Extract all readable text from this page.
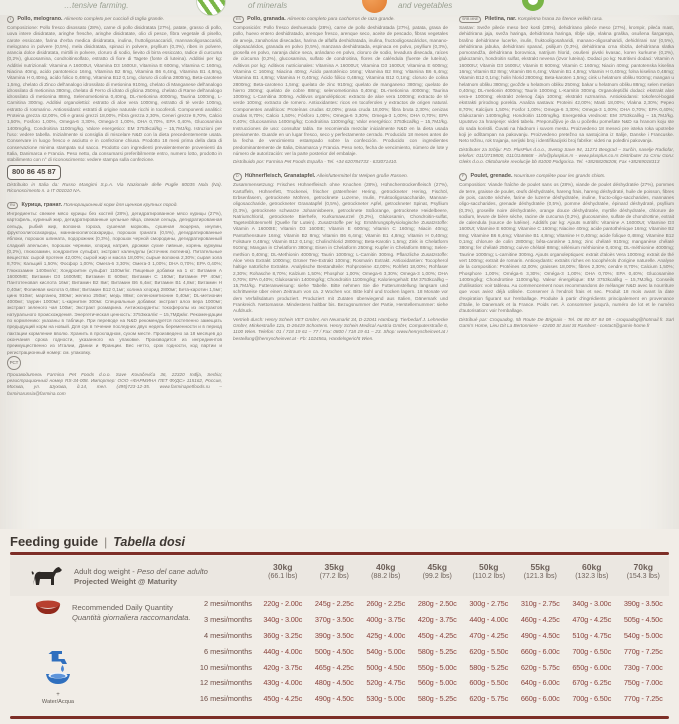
…tensive farming.	of minerals	and vegetables
I Pollo, melograno. Alimento completo per cuccioli di taglia grande.

Composizione: Pollo fresco disossato (28%), carne di pollo disidratata (27%), patate, grasso di pollo, uova intere disidratate, aringhe fresche, aringhe disidratate, olio di pesce, fibra vegetale di pisello, carote essiccate, farina d'erba medica disidratata, inulina, fruttoligosaccaridi, mannanoligosaccaridi, melograno in polvere (0,5%), mela disidratata, spinaci in polvere, psyllium (0,3%), ribes in polvere, arancia dolce disidratata, mirtilli in polvere, cloruro di sodio, lievito di birra essiccato, radice di curcuma (0,2%), glucosamina, condroitinsolfato, estratto di fiore di Tagete (fonte di luteina). Additivi per kg: Additivi nutrizionali: Vitamina A 16000UI, Vitamina D3 1600UI, Vitamina E 600mg, Vitamina C 160mg, Niacina 40mg, acido pantotenico 16mg, Vitamina B2 8mg, Vitamina B6 6,4mg, Vitamina B1 4,8mg, Vitamina H 0,40mg, acido folico 0,48mg, Vitamina B12 0,1mg, cloruro di colina 2800mg, Beta-carotene 1,5mg, chelato di Zinco dell'analogo idrossilato di metionina 910mg, chelato di Manganese dell'analogo idrossilato di metionina 380mg, chelato di Ferro di idrato di glicina 250mg, chelato di Rame dell'analogo idrossilato di metionina 88mg, Selenometionina 0,40mg, DL-metionina 4000mg, Taurina 1000mg, L-Carnitina 300mg. Additivi organolettici: estratto di aloe vera 1000mg, estratto di tè verde 100mg, estratto di rosmarino. Antiossidanti: estratti di origine naturale ricchi in tocoferoli. Componenti analitici: Proteina grezza 42,00%, Oli e grassi grezzi 18,00%, Fibra grezza 2,30%, Ceneri grezze 8,70%, Calcio 1,50%, Fosforo 1,00%, Omega-6 3,30%, Omega-3 1,00%, DHA 0,70%, EPA 0,40%, Glucosamina 1400mg/kg, Condroitina 1100mg/kg. Valore energetico: EM 3753kcal/kg – 15,7MJ/kg. Istruzioni per l'uso: vedere tabella. Inizialmente si consiglia di miscelare N&D con la dieta precedentemente usata. Conservare in luogo fresco e asciutto e in confezione chiusa. Prodotto 18 mesi prima della data di conservazione minima stampata sul sacco. Prodotto con ingredienti prevalentemente provenienti da Italia, Danimarca e Francia. Peso netto, da consumarsi preferibilmente entro, numero lotto, prodotto in stabilimento con n° di riconoscimento: vedere stampa sulla confezione.

800 86 45 87

Distribuito in Italia da: Russo Mangimi S.p.A. Via Nazionale delle Puglie 80035 Nola (Na). Riconoscimento n. a IT 001010 NA.

RU Курица, гранат. Полнорационный корм для щенков крупных пород.

Ингредиенты: свежее мясо курицы без костей (28%), дегидратированное мясо курицы (27%), картофель, куриный жир, дегидратированные цельные яйца, свежая сельдь, дегидратированная сельдь, рыбий жир, волокна гороха, сушеная морковь, сушеная люцерна, инулин, фруктоолигосахариды, маннаноолигосахариды, порошок граната (0,5%), дегидратированные яблоки, порошок шпината, подорожник (0,3%), порошок черной смородины, дегидратированный сладкий апельсин, порошок черники, хлорид натрия, дрожжи сухие пивные, корень куркумы (0,2%), глюкозамин, хондроитин сульфат, экстракт календулы (источник лютеина). Питательные вещества: сырой протеин 42,00%; сырой жир и масла 18,00%; сырые волокна 2,30%; сырая зола 8,70%; Кальций 1,50%; Фосфор 1,00%; Омега-6 3,30%; Омега-3 1,00%; DHA 0,70%; EPA 0,40%; Глюкозамин 1400мг/кг; Хондроитин сульфат 1100мг/кг. Пищевые добавки на 1 кг: Витамин А 16000МЕ; Витамин D3 1600МЕ; Витамин Е 600мг; Витамин С 160мг; Витамин РР 40мг; Пантотеновая кислота 16мг; Витамин В2 8мг; Витамин В6 6,4мг; Витамин В1 4,8мг; Витамин Н 0,40мг; Фолиевая кислота 0,48мг; Витамин В12 0,1мг; холина хлорид 2800мг; Бета-каротин 1,5мг; цинк 910мг; марганец 380мг; железо 250мг; медь 88мг; селенометионин 0,40мг; DL-метионин 4000мг; таурин 1000мг; L-карнитин 300мг. Специальные добавки: экстракт алоэ вера 1000мг; экстракт зеленого чая 100мг; Экстракт розмарина. Антиоксиданты: токоферолы из экстрактов натурального происхождения. Энергетическая ценность: 3753ккал/кг – 15,7МДж/кг. Рекомендации по кормлению: указаны в таблице. При переводе на N&D рекомендуется постепенно замещать предыдущий корм на новый. Для сук в течение последних двух недель беременности и в период лактации кормление вволю. Хранить в прохладном, сухом месте. Произведено за 18 месяцев до окончания срока годности, указанного на упаковке. Производится из ингредиентов преимущественно из Италии, Дании и Франции. Вес нетто, срок годности, код партии и регистрационный номер: см. упаковку.

РСТ

Производитель Farmina Pet Foods d.o.o. Save Kovačevića 36, 22320 Inđija, Serbia; регистрационный номер RS-34-008. Импортер: ООО «ФАРМИНА ПЕТ ФУДС» 115162, Россия, Москва, ул. Шухова, д.14, тел. (495)723-12-35. www.farminapetfoods.ru – farminarussia@farmina.com

ES Pollo, granada. Alimento completo para cachorros de raza grande.

Composición: Pollo fresco deshuesado (28%), carne de pollo deshidratada (27%), patata, grasa de pollo, huevo entero deshidratado, arenque fresco, arenque seco, aceite de pescado, fibras vegetales de arveja, zanahorias disecadas, harina de alfalfa deshidratada, inulina, fructooligosacáridos, manano-oligosacáridos, granada en polvo (0,5%), manzana deshidratada, espinaca en polvo, psyllium (0,3%), grosella en polvo, naranja dulce seca, arándano en polvo, cloruro de sodio, levadura disecada, raíces de cúrcuma (0,2%), glucosamina, sulfato de condroitina, flores de caléndula (fuente de luteína). Aditivos por kg: Aditivos nutricionales: Vitamina A 16000UI; Vitamina D3 1600UI; Vitamina E 600mg; Vitamina C 160mg; Niacina 40mg; Ácido pantoténico 16mg; Vitamina B2 8mg; Vitamina B6 6,4mg; Vitamina B1 4,8mg; Vitamina H 0,40mg; Ácido fólico 0,48mg; Vitamina B12 0,1mg; cloruro de colina 2800mg; Beta-caroteno 1,5mg; quelato de zinc 910mg; quelato de manganeso 380mg; quelato de hierro 250mg; quelato de cobre 88mg; selenometionina 0,40mg; DL-metionina 4000mg; Taurina 1000mg; L-Carnitina 300mg. Aditivos organolépticos: extracto de aloe vera 1000mg; extracto de té verde 100mg; extracto de romero. Antioxidantes: ricos en tocoferoles y extractos de origen natural. Componentes analíticos: Proteínas crudas 42,00%; grasa cruda 18,00%; fibra bruta 2,30%; cenizas crudas 8,70%; Calcio 1,50%; Fósforo 1,00%; Omega-6 3,30%; Omega-3 1,00%; DHA 0,70%; EPA 0,40%; Glucosamina 1400mg/kg; Condroitina 1100mg/kg; Valor energético: 3753kcal/kg – 15,7MJ/kg. Instrucciones de uso: consultar tabla. Se recomienda mezclar inicialmente N&D en la dieta usada previamente. Guarde en un lugar fresco, seco y perfectamente cerrado. Producido 18 meses antes de la fecha de vencimiento estampado sobre la confección. Producido con ingredientes predominantemente de Italia, Dinamarca y Francia. Peso neto, fecha de vencimiento, número de lote y número de autorización: ver la parte posterior del embalaje.

Distribuido por: Farmina Pet Foods España - Tel. +34 620784733 - 633071410.

D Hühnerfleisch, Granatapfel. Alleinfuttermittel für Welpen große Rassen.

Zusammensetzung: Frisches Hühnerfleisch ohne Knochen (28%), Hühnchentrockenfleisch (27%), Kartoffeln, Hühnerfett, Trockenei, frischer grätenfreier Hering, getrockneter Hering, Fischöl, Erbsenfasern, getrocknete Möhren, getrocknete Luzerne, Inulin, Fruktooligosaccharide, Mannan-oligosaccharide, getrockneter Granatapfel (0,5%), getrockneter Apfel, getrockneter Spinat, Psyllium (0,3%), getrocknete schwarze Johannisbeere, getrocknete Süßorange, getrocknete Heidelbeere, Natriumchlorid, getrocknete Bierhefe, Kurkumawurzel (0,2%), Glukosamin, Chondroitin-sulfat, Tagetesblütenmehl (Quelle für Lutein). Zusatzstoffe per kg: Ernährungsphysiologische Zusatzstoffe: Vitamin A 16000IE; Vitamin D3 1600IE; Vitamin E 600mg; Vitamin C 160mg; Niacin 40mg; Pantothensäure 16mg; Vitamin B2 8mg; Vitamin B6 6,4mg; Vitamin B1 4,8mg; Vitamin H 0,40mg; Folsäure 0,48mg; Vitamin B12 0,1mg; Cholinchlorid 2800mg; Beta-Karotin 1,5mg; Zink in Chelatform 910mg; Mangan in Chelatform 380mg; Eisen in Chelatform 250mg; Kupfer in Chelatform 88mg; Selen-methion 0,40mg; DL-Methionin 4000mg; Taurin 1000mg; L-Carnitin 300mg. Pflanzliche Zusatzstoffe: Aloe Vera Extrakt 1000mg; Grüner Tee-Extrakt 100mg; Rosmarin Extrakt. Antioxidantien: Tocopherol haltige natürliche Extrakte. Analytische Bestandteile: Rohproteine 42,00%; Rohfett 18,00%; Rohfaser 2,30%; Rohasche 8,70%; Kalzium 1,50%; Phosphor 1,00%; Omega-6 3,30%; Omega-3 1,00%; DHA 0,70%; EPA 0,40%; Glukosamin 1400mg/kg; Chondroitin 1100mg/kg; Kaloriengehalt: EM 3753kcal/kg – 15,7MJ/kg. Futteranweisung: siehe Tabelle. Bitte nehmen Sie die Futterumstellung langsam und schrittweise über einen Zeitraum von ca. 2 Wochen vor. Bitte kühl und trocken lagern. 18 Monate vor dem Verfallsdatum produziert. Produziert mit Zutaten überwiegend aus Italien, Dänemark und Frankreich. Nettomasse. Mindestens haltbar bis. Bezugsnummer der Partie, Herstellernummer: siehe Aufdruck.

Vertrieb durch: Henry Schein VET GmbH, Am Neumarkt 34, D-22041 Hamburg. Tierbedarf J. Lehnecke GmbH, Minkestraße 12a, D-26419 Schortens. Henry Schein Medical Austria GmbH, Computerstraße 6, 1100 Wien. Telefon: 01 / 718 19 61 – 77 / Fax: 0800 / 718 19 61 – 23. Shop: www.henryscheinvet.at / bestellung@henryscheinvet.at · Fb: 102456a, Handelsgericht Wien.

SRB MNE Piletina, nar. Kompletna hrana za štence velikih rasa.

Sastav: Sveže pileće meso bez kosti (28%), dehidrirano pileće meso (27%), krompir, pileća mast, dehidrirana jaja, sveža haringa, dehidrirana haringa, riblje ulje, vlakna graška, osušena šargarepa, brašno dehidrirane lucerke, inulin, fruktooligosaharidi, manano-oligosaharidi, dehidrirani nar (0,5%), dehidrirana jabuka, dehidrirani spanać, psilijum (0,3%), dehidrirana crna ribizla, dehidrirana slatka pomorandža, dehidrirana borovnica, natrijum hlorid, osušeni pivski kvasac, koren kurkume (0,2%), glukozamin, hondroitin sulfat, ekstrakt nevena (izvor luteina). Dodaci po kg: Nutritivni dodaci: Vitamin A 16000IU; Vitamin D3 1600IU; Vitamin E 600mg; Vitamin C 160mg; Niacin 40mg; pantotenska kiselina 16mg; Vitamin B2 8mg; Vitamin B6 6,4mg; Vitamin B1 4,8mg; Vitamin H 0,40mg; folna kiselina 0,48mg; Vitamin B12 0,1mg; holin hlorid 2800mg; Beta-karoten 1,5mg; cink u helatnom obliku 910mg; mangan u helatnom obliku 380mg; gvožđe u helatnom obliku 250mg; bakar u helatnom obliku 88mg; selen metion 0,40mg; DL-metionin 4000mg; Taurin 1000mg; L-Karnitin 300mg. Organoleptički dodaci: ekstrakt aloe vera-e 1000mg; ekstrakt zelenog čaja 100mg; ekstrakt ruzmarina. Antioksidansi: tokoferol-bogati ekstrakti prirodnog porekla. Analiza sastava: Proteini 42,00%; Masti 18,00%; Vlakna 2,30%; Pepeo 8,70%; Kalcijum 1,50%; Fosfor 1,00%; Omega-6 3,30%; Omega-3 1,00%; DHA 0,70%; EPA 0,40%; Glukozamin 1400mg/kg; Hondroitin 1100mg/kg. Energetska vrednost: EM 3753kcal/kg – 15,7MJ/kg. Uputstvo za hranjenje: videti tabelu. Preporučljivo je da u početku pomešate N&D sa hranom koju ste do sada koristili. Čuvati na hladnom i suvom mestu. Proizvedeno 18 meseci pre isteka roka upotrebe koji je odštampan na pakovanju. Proizvedeno pretežno sa sastojcima iz Italije, Danske i Francuske. Neto težinu, rok trajanja, serijski broj i identifikacijski broj fabrike: videti na poleđini pakovanja.

Distributer za Srbiju: P.D. PlusPlus d.o.o., Svetog Save 94, 11271 Beograd – Surčin, naselje Radiofar, telefon: 011/3719800, 011/3148668 - info@plusplus.rs - www.plusplus.co.rs Distributer za Crnu Goru: Gleks d.o.o. Oktobarske revolucije bb 81000 Podgorica. Tel. +38268208208, Fax +38269018313

F Poulet, grenade. Nourriture complète pour les grands chiots.

Composition: Viande fraîche de poulet sans os (28%), viande de poulet déshydratée (27%), pommes de terre, graisse de poulet, œufs déshydratés, hareng frais, hareng déshydraté, huile de poisson, fibres de pois, carotte séchée, farine de luzerne déshydratée, inuline, fructo-oligo-saccharides, mannanes oligo-saccharides, grenade déshydratée (0,5%), pomme déshydratée, épinard déshydraté, psyllium (0,3%), groseille noire déshydratée, orange douce déshydratée, myrtille déshydratée, chlorure de sodium, levure de bière sèche, racine de curcuma (0,2%), glucosamine, sulfate de chondroïtine, extrait de calendula (source de lutéine). Additifs par kg: Ajouts nutritifs: Vitamine A 16000UI; Vitamine D3 1600UI; Vitamine E 600mg; Vitamine C 160mg; Niacine 40mg; acide pantothénique 16mg; Vitamine B2 8mg; Vitamine B6 6,4mg; Vitamine B1 4,8mg; Vitamine H 0,40mg; acide folique 0,48mg; Vitamine B12 0,1mg; chlorure de colin 2800mg; bêta-carotène 1,5mg; zinc chélaté 910mg; manganèse chélaté 380mg; fer chélaté 250mg; cuivre chélaté 88mg; sélénium méthionine 0,40mg; DL-méthionine 4000mg; Taurine 1000mg; L-carnitine 300mg. Ajouts organoleptiques: extrait d'aloès Vera 1000mg; extrait de thé vert 100mg; extrait de romarin. Antioxydants: extraits riches en tocophérols d'origine naturelle. Analyse de la composition: Protéines 42,00%; graisses 18,00%; fibres 2,30%; cendre 8,70%; Calcium 1,50%; Phosphore 1,00%; Oméga-6 3,30%; Oméga-3 1,00%; DHA 0,70%; EPA 0,40%; Glucosamine 1400mg/kg; Chondroïtine 1100mg/kg. Valeur énergétique: EM 3753kcal/kg – 15,7MJ/kg. Conseils d'utilisation: voir tableau. Au commencement nous recommandons de mélanger N&D avec la nourriture que vous aviez déjà utilisée. Conserver à l'endroit frais et sec. Produit 18 mois avant la date d'expiration figurant sur l'emballage. Produite à partir d'ingrédients principalement en provenance d'Italie, le Danemark et la France. Poids net. À consommer jusqu'à, numéro de lot et le numéro d'autorisation: voir l'emballage.

Distribué par: Croquadog, 5b Route De Brignais - Tel. 06 80 87 84 08 - croquadog@hotmail.fr. Sarl Gami's Home, Lieu Dit La Bertonniere - 42400 St Just St Rambert - contact@gamis-home.fr

Feeding guide | Tabella dosi
Adult dog weight - Peso del cane adulto
Projected Weight @ Maturity
30kg
(66.1 lbs)
35kg
(77.2 lbs)
40kg
(88.2 lbs)
45kg
(99.2 lbs)
50kg
(110.2 lbs)
55kg
(121.3 lbs)
60kg
(132.3 lbs)
70kg
(154.3 lbs)
Recommended Daily Quantity
Quantità giornaliera raccomandata.
+
Water/Acqua
2 mesi/months	220g - 2.00c	245g - 2.25c	260g - 2.25c	280g - 2.50c	300g - 2.75c	310g - 2.75c	340g - 3.00c	390g - 3.50c
3 mesi/months	340g - 3.00c	370g - 3.50c	400g - 3.75c	420g - 3.75c	440g - 4.00c	460g - 4.25c	470g - 4.25c	505g - 4.50c
4 mesi/months	360g - 3.25c	390g - 3.50c	425g - 4.00c	450g - 4.25c	470g - 4.25c	490g - 4.50c	510g - 4.75c	540g - 5.00c
6 mesi/months	440g - 4.00c	500g - 4.50c	540g - 5.00c	580g - 5.25c	620g - 5.50c	660g - 6.00c	700g - 6.50c	770g - 7.25c
10 mesi/months	420g - 3.75c	465g - 4.25c	500g - 4.50c	550g - 5.00c	580g - 5.25c	620g - 5.75c	650g - 6.00c	730g - 7.00c
12 mesi/months	430g - 4.00c	480g - 4.50c	520g - 4.75c	560g - 5.00c	600g - 5.50c	640g - 6.00c	670g - 6.25c	750g - 7.00c
16 mesi/months	450g - 4.25c	490g - 4.50c	530g - 5.00c	580g - 5.25c	620g - 5.75c	660g - 6.00c	700g - 6.50c	770g - 7.25c
